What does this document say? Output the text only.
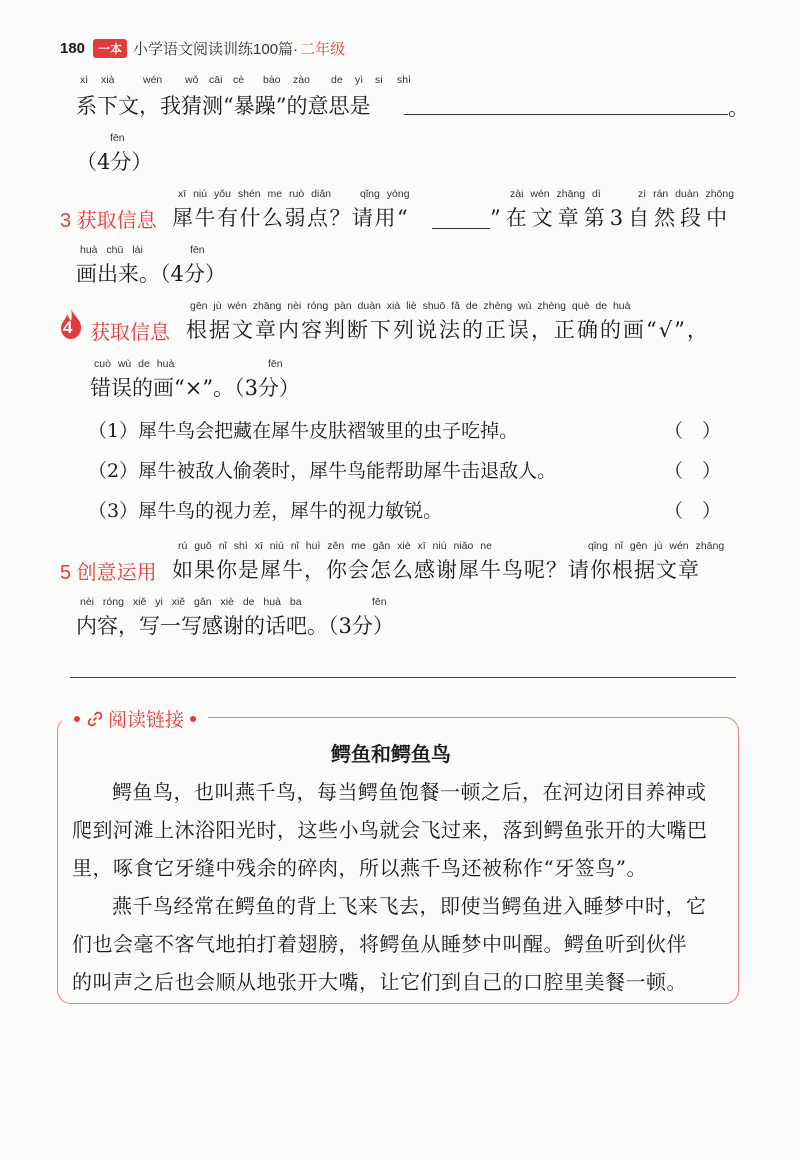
180	一本 小学语文阅读训练100篇· 二年级
xì xià	wén wǒ cāi cè bào zào de yì si shì
系下文，我猜测“暴躁”的意思是	。
fēn
（4分）
xī niú yǒu shén me ruò diǎn	qǐng yòng	zài wén zhāng dì	zì rán duàn zhōng
3 获取信息 犀牛有什么弱点？请用“	”在文章第3自然段中
huà chū lái	fēn
画出来。（4分）
gēn jù wén zhāng nèi róng pàn duàn xià liè shuō fǎ de zhèng wù zhèng què de huà
4 获取信息 根据文章内容判断下列说法的正误，正确的画“√”，
cuò wù de huà	fēn
错误的画“×”。（3分）
（1）犀牛鸟会把藏在犀牛皮肤褶皱里的虫子吃掉。	（　）
（2）犀牛被敌人偷袭时，犀牛鸟能帮助犀牛击退敌人。	（　）
（3）犀牛鸟的视力差，犀牛的视力敏锐。	（　）
rú guǒ nǐ shì xī niú nǐ huì zěn me gǎn xiè xī niú niǎo ne	qǐng nǐ gēn jù wén zhāng
5 创意运用 如果你是犀牛，你会怎么感谢犀牛鸟呢？请你根据文章
nèi róng xiě yi xiě gǎn xiè de huà ba	fēn
内容，写一写感谢的话吧。（3分）
阅读链接
鳄鱼和鳄鱼鸟
鳄鱼鸟，也叫燕千鸟，每当鳄鱼饱餐一顿之后，在河边闭目养神或
爬到河滩上沐浴阳光时，这些小鸟就会飞过来，落到鳄鱼张开的大嘴巴
里，啄食它牙缝中残余的碎肉，所以燕千鸟还被称作“牙签鸟”。
燕千鸟经常在鳄鱼的背上飞来飞去，即使当鳄鱼进入睡梦中时，它
们也会毫不客气地拍打着翅膀，将鳄鱼从睡梦中叫醒。鳄鱼听到伙伴
的叫声之后也会顺从地张开大嘴，让它们到自己的口腔里美餐一顿。
